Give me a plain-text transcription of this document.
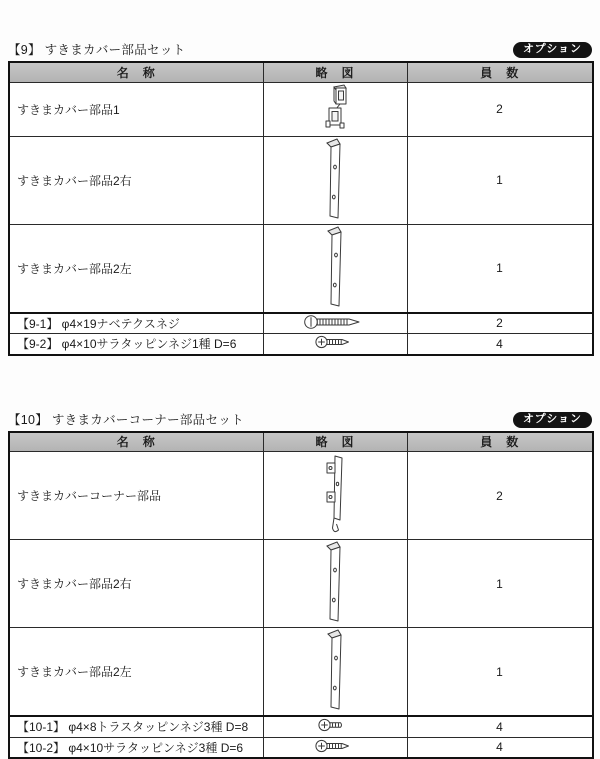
【9】 すきまカバー部品セット	オプション
名　称	略　図	員　数
すきまカバー部品1		2
すきまカバー部品2右		1
すきまカバー部品2左		1
【9-1】 φ4×19ナベテクスネジ		2
【9-2】 φ4×10サラタッピンネジ1種 D=6		4
【10】 すきまカバーコーナー部品セット	オプション
名　称	略　図	員　数
すきまカバーコーナー部品		2
すきまカバー部品2右		1
すきまカバー部品2左		1
【10-1】 φ4×8トラスタッピンネジ3種 D=8		4
【10-2】 φ4×10サラタッピンネジ3種 D=6		4
